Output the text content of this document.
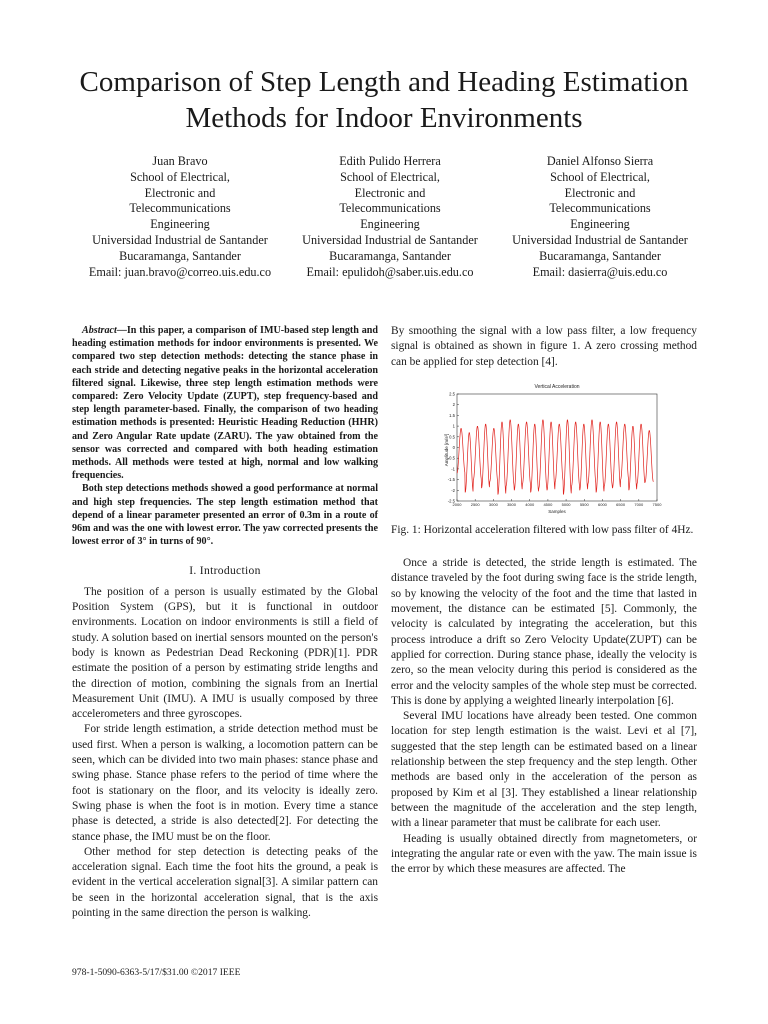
Comparison of Step Length and Heading Estimation
Methods for Indoor Environments
Juan Bravo
School of Electrical,
Electronic and
Telecommunications
Engineering
Universidad Industrial de Santander
Bucaramanga, Santander
Email: juan.bravo@correo.uis.edu.co
Edith Pulido Herrera
School of Electrical,
Electronic and
Telecommunications
Engineering
Universidad Industrial de Santander
Bucaramanga, Santander
Email: epulidoh@saber.uis.edu.co
Daniel Alfonso Sierra
School of Electrical,
Electronic and
Telecommunications
Engineering
Universidad Industrial de Santander
Bucaramanga, Santander
Email: dasierra@uis.edu.co

Abstract—In this paper, a comparison of IMU-based step length and heading estimation methods for indoor environments is presented. We compared two step detection methods: detecting the stance phase in each stride and detecting negative peaks in the horizontal acceleration filtered signal. Likewise, three step length estimation methods were compared: Zero Velocity Update (ZUPT), step frequency-based and step length parameter-based. Finally, the comparison of two heading estimation methods is presented: Heuristic Heading Reduction (HHR) and Zero Angular Rate update (ZARU). The yaw obtained from the sensor was corrected and compared with both heading estimation methods. All methods were tested at high, normal and low walking frequencies.

Both step detections methods showed a good performance at normal and high step frequencies. The step length estimation method that depend of a linear parameter presented an error of 0.3m in a route of 96m and was the one with lowest error. The yaw corrected presents the lowest error of 3° in turns of 90°.

I. Introduction

The position of a person is usually estimated by the Global Position System (GPS), but it is functional in outdoor environments. Location on indoor environments is still a field of study. A solution based on inertial sensors mounted on the person's body is known as Pedestrian Dead Reckoning (PDR)[1]. PDR estimate the position of a person by estimating stride lengths and the direction of motion, combining the signals from an Inertial Measurement Unit (IMU). A IMU is usually composed by three accelerometers and three gyroscopes.

For stride length estimation, a stride detection method must be used first. When a person is walking, a locomotion pattern can be seen, which can be divided into two main phases: stance phase and swing phase. Stance phase refers to the period of time where the foot is stationary on the floor, and its velocity is ideally zero. Swing phase is when the foot is in motion. Every time a stance phase is detected, a stride is also detected[2]. For detecting the stance phase, the IMU must be on the floor.

Other method for step detection is detecting peaks of the acceleration signal. Each time the foot hits the ground, a peak is evident in the vertical acceleration signal[3]. A similar pattern can be seen in the horizontal acceleration signal, that is the axis pointing in the same direction the person is walking.

By smoothing the signal with a low pass filter, a low frequency signal is obtained as shown in figure 1. A zero crossing method can be applied for step detection [4].

Vertical Acceleration
Samples
Amplitude [m/s²]
-2.5
-2
-1.5
-1
-0.5
0
0.5
1
1.5
2
2.5
2000 2500 3000 3500 4000 4500 5000 5500 6000 6500 7000 7500
Fig. 1: Horizontal acceleration filtered with low pass filter of 4Hz.

Once a stride is detected, the stride length is estimated. The distance traveled by the foot during swing face is the stride length, so by knowing the velocity of the foot and the time that lasted in movement, the distance can be estimated [5]. Commonly, the velocity is calculated by integrating the acceleration, but this process introduce a drift so Zero Velocity Update(ZUPT) can be applied for correction. During stance phase, ideally the velocity is zero, so the mean velocity during this period is considered as the error and the velocity samples of the whole step must be corrected. This is done by applying a weighted linearly interpolation [6].

Several IMU locations have already been tested. One common location for step length estimation is the waist. Levi et al [7], suggested that the step length can be estimated based on a linear relationship between the step frequency and the step length. Other methods are based only in the acceleration of the person as proposed by Kim et al [3]. They established a linear relationship between the magnitude of the acceleration and the step length, with a linear parameter that must be calibrate for each user.

Heading is usually obtained directly from magnetometers, or integrating the angular rate or even with the yaw. The main issue is the error by which these measures are affected. The

978-1-5090-6363-5/17/$31.00 ©2017 IEEE
